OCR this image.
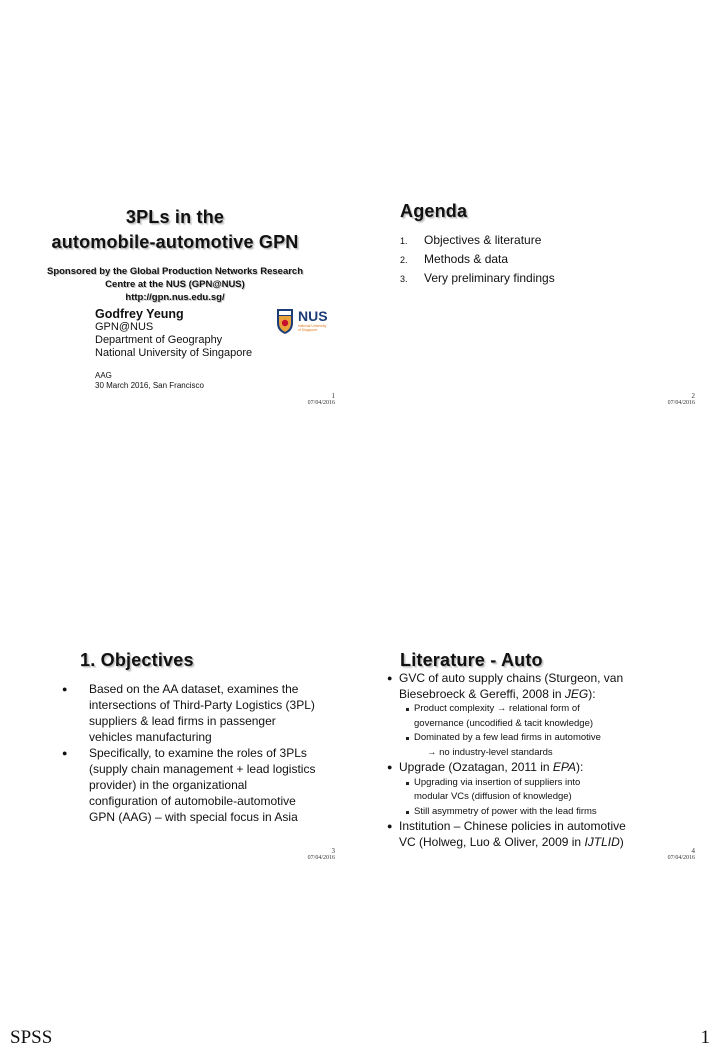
3PLs in the
automobile-automotive GPN
Sponsored by the Global Production Networks Research
Centre at the NUS (GPN@NUS)
http://gpn.nus.edu.sg/
Godfrey Yeung
GPN@NUS
Department of Geography
National University of Singapore
AAG
30 March 2016, San Francisco
NUS
National University
of Singapore
1
07/04/2016
Agenda
1.	Objectives & literature
2.	Methods & data
3.	Very preliminary findings
2
07/04/2016
1. Objectives
● Based on the AA dataset, examines the
intersections of Third-Party Logistics (3PL)
suppliers & lead firms in passenger
vehicles manufacturing
● Specifically, to examine the roles of 3PLs
(supply chain management + lead logistics
provider) in the organizational
configuration of automobile-automotive
GPN (AAG) – with special focus in Asia
3
07/04/2016
Literature - Auto
● GVC of auto supply chains (Sturgeon, van
Biesebroeck & Gereffi, 2008 in JEG):
Product complexity → relational form of
governance (uncodified & tacit knowledge)
Dominated by a few lead firms in automotive
→ no industry-level standards
● Upgrade (Ozatagan, 2011 in EPA):
Upgrading via insertion of suppliers into
modular VCs (diffusion of knowledge)
Still asymmetry of power with the lead firms
● Institution – Chinese policies in automotive
VC (Holweg, Luo & Oliver, 2009 in IJTLID)
4
07/04/2016
SPSS	1
